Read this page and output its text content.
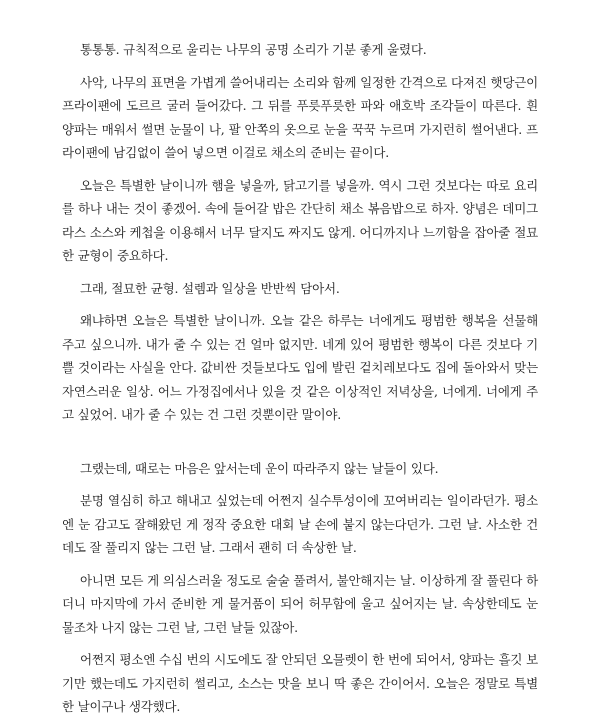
통통통. 규칙적으로 울리는 나무의 공명 소리가 기분 좋게 울렸다.

사악, 나무의 표면을 가볍게 쓸어내리는 소리와 함께 일정한 간격으로 다져진 햇당근이 프라이팬에 도르르 굴러 들어갔다. 그 뒤를 푸릇푸릇한 파와 애호박 조각들이 따른다. 흰 양파는 매워서 썰면 눈물이 나, 팔 안쪽의 옷으로 눈을 꾹꾹 누르며 가지런히 썰어낸다. 프라이팬에 남김없이 쓸어 넣으면 이걸로 채소의 준비는 끝이다.

오늘은 특별한 날이니까 햄을 넣을까, 닭고기를 넣을까. 역시 그런 것보다는 따로 요리를 하나 내는 것이 좋겠어. 속에 들어갈 밥은 간단히 채소 볶음밥으로 하자. 양념은 데미그라스 소스와 케첩을 이용해서 너무 달지도 짜지도 않게. 어디까지나 느끼함을 잡아줄 절묘한 균형이 중요하다.

그래, 절묘한 균형. 설렘과 일상을 반반씩 담아서.

왜냐하면 오늘은 특별한 날이니까. 오늘 같은 하루는 너에게도 평범한 행복을 선물해 주고 싶으니까. 내가 줄 수 있는 건 얼마 없지만. 네게 있어 평범한 행복이 다른 것보다 기쁠 것이라는 사실을 안다. 값비싼 것들보다도 입에 발린 겉치레보다도 집에 돌아와서 맞는 자연스러운 일상. 어느 가정집에서나 있을 것 같은 이상적인 저녁상을, 너에게. 너에게 주고 싶었어. 내가 줄 수 있는 건 그런 것뿐이란 말이야.

그랬는데, 때로는 마음은 앞서는데 운이 따라주지 않는 날들이 있다.

분명 열심히 하고 해내고 싶었는데 어쩐지 실수투성이에 꼬여버리는 일이라던가. 평소엔 눈 감고도 잘해왔던 게 정작 중요한 대회 날 손에 붙지 않는다던가. 그런 날. 사소한 건데도 잘 풀리지 않는 그런 날. 그래서 괜히 더 속상한 날.

아니면 모든 게 의심스러울 정도로 술술 풀려서, 불안해지는 날. 이상하게 잘 풀린다 하더니 마지막에 가서 준비한 게 물거품이 되어 허무함에 울고 싶어지는 날. 속상한데도 눈물조차 나지 않는 그런 날, 그런 날들 있잖아.

어쩐지 평소엔 수십 번의 시도에도 잘 안되던 오믈렛이 한 번에 되어서, 양파는 흘깃 보기만 했는데도 가지런히 썰리고, 소스는 맛을 보니 딱 좋은 간이어서. 오늘은 정말로 특별한 날이구나 생각했다.
